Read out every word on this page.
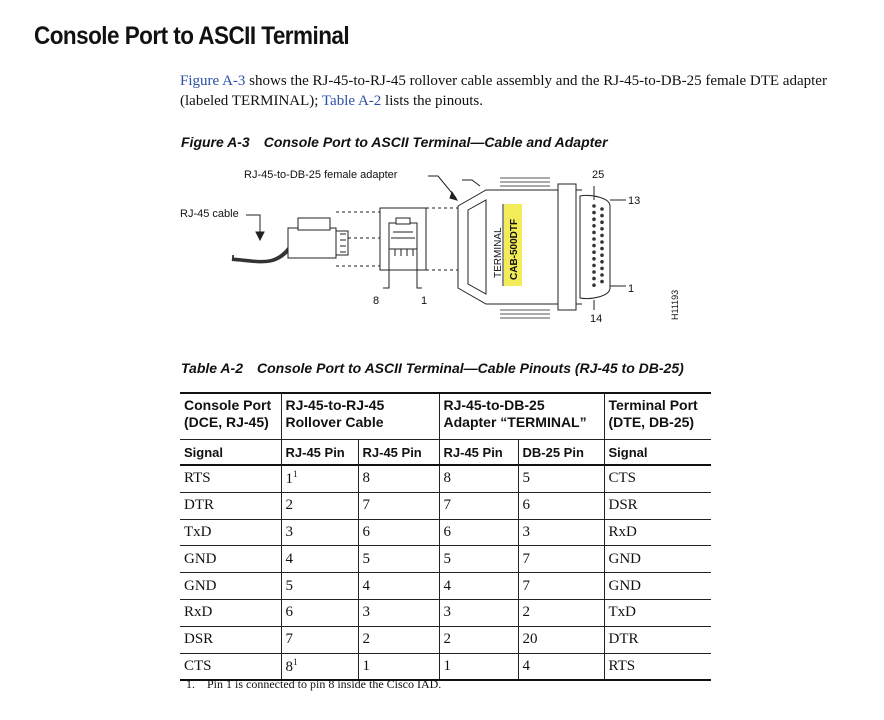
Console Port to ASCII Terminal

Figure A-3 shows the RJ-45-to-RJ-45 rollover cable assembly and the RJ-45-to-DB-25 female DTE adapter (labeled TERMINAL); Table A-2 lists the pinouts.

Figure A-3 Console Port to ASCII Terminal—Cable and Adapter
RJ-45-to-DB-25 female adapter
RJ-45 cable
8	1
25
13
1
14
TERMINAL CAB-500DTF
H11193
Table A-2 Console Port to ASCII Terminal—Cable Pinouts (RJ-45 to DB-25)
Console Port
(DCE, RJ-45)	RJ-45-to-RJ-45
Rollover Cable		RJ-45-to-DB-25
Adapter “TERMINAL”		Terminal Port
(DTE, DB-25)
Signal	RJ-45 Pin	RJ-45 Pin	RJ-45 Pin	DB-25 Pin	Signal
RTS	$1^1$	8	8	5	CTS
DTR	2	7	7	6	DSR
TxD	3	6	6	3	RxD
GND	4	5	5	7	GND
GND	5	4	4	7	GND
RxD	6	3	3	2	TxD
DSR	7	2	2	20	DTR
CTS	$8^1$	1	1	4	RTS
1. Pin 1 is connected to pin 8 inside the Cisco IAD.
